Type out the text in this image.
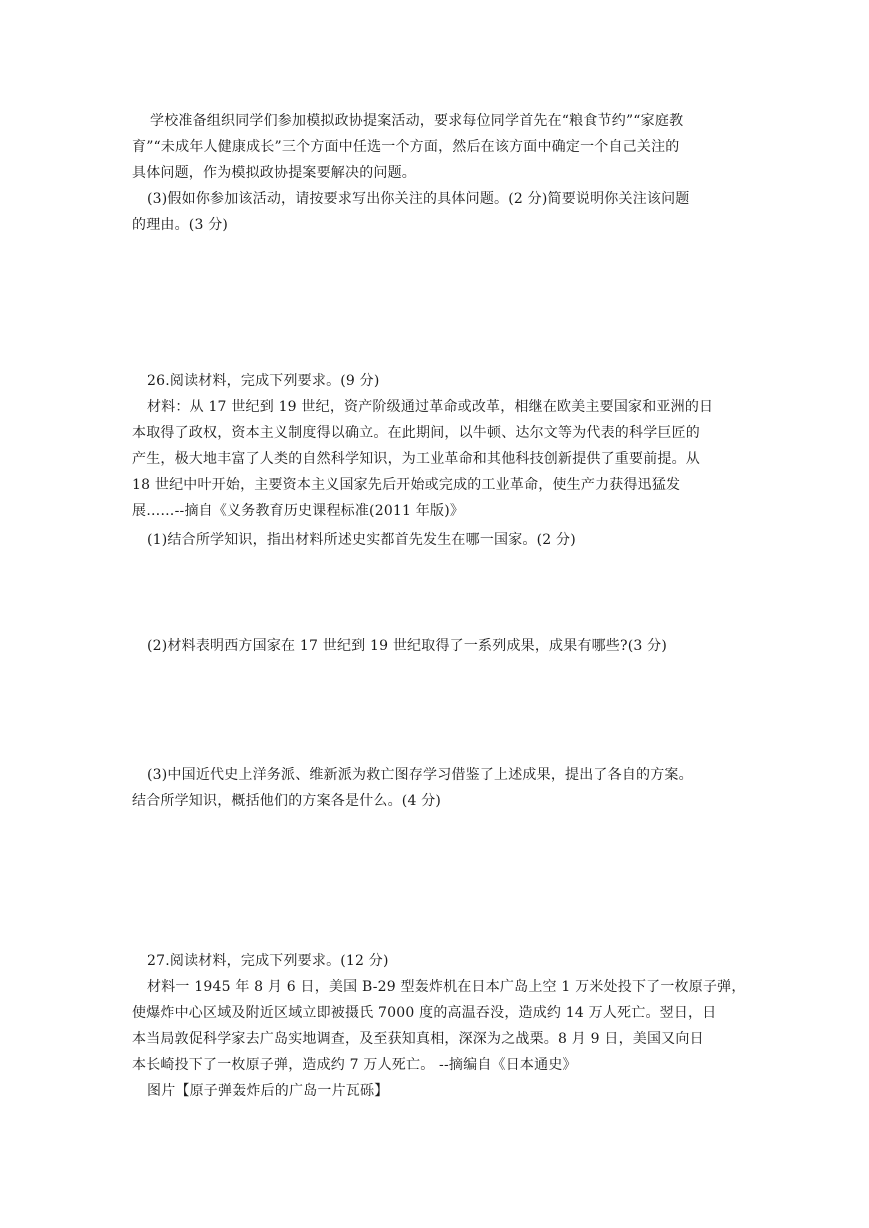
学校准备组织同学们参加模拟政协提案活动，要求每位同学首先在“粮食节约”“家庭教
育”“未成年人健康成长”三个方面中任选一个方面，然后在该方面中确定一个自己关注的
具体问题，作为模拟政协提案要解决的问题。
(3)假如你参加该活动，请按要求写出你关注的具体问题。(2 分)简要说明你关注该问题
的理由。(3 分)
26.阅读材料，完成下列要求。(9 分)
材料：从 17 世纪到 19 世纪，资产阶级通过革命或改革，相继在欧美主要国家和亚洲的日
本取得了政权，资本主义制度得以确立。在此期间，以牛顿、达尔文等为代表的科学巨匠的
产生，极大地丰富了人类的自然科学知识，为工业革命和其他科技创新提供了重要前提。从
18 世纪中叶开始，主要资本主义国家先后开始或完成的工业革命，使生产力获得迅猛发
展……--摘自《义务教育历史课程标准(2011 年版)》
(1)结合所学知识，指出材料所述史实都首先发生在哪一国家。(2 分)
(2)材料表明西方国家在 17 世纪到 19 世纪取得了一系列成果，成果有哪些?(3 分)
(3)中国近代史上洋务派、维新派为救亡图存学习借鉴了上述成果，提出了各自的方案。
结合所学知识，概括他们的方案各是什么。(4 分)
27.阅读材料，完成下列要求。(12 分)
材料一 1945 年 8 月 6 日，美国 B-29 型轰炸机在日本广岛上空 1 万米处投下了一枚原子弹，
使爆炸中心区域及附近区域立即被摄氏 7000 度的高温吞没，造成约 14 万人死亡。翌日，日
本当局敦促科学家去广岛实地调查，及至获知真相，深深为之战栗。8 月 9 日，美国又向日
本长崎投下了一枚原子弹，造成约 7 万人死亡。 --摘编自《日本通史》
图片【原子弹轰炸后的广岛一片瓦砾】
